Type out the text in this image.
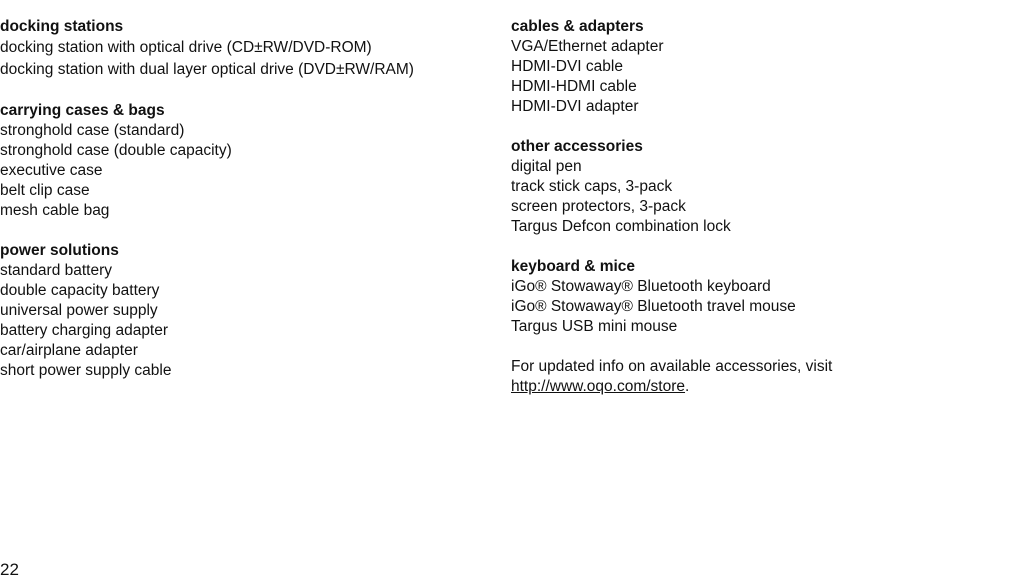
docking stations
docking station with optical drive (CD±RW/DVD-ROM)
docking station with dual layer optical drive (DVD±RW/RAM)
carrying cases & bags
stronghold case (standard)
stronghold case (double capacity)
executive case
belt clip case
mesh cable bag
power solutions
standard battery
double capacity battery
universal power supply
battery charging adapter
car/airplane adapter
short power supply cable
cables & adapters
VGA/Ethernet adapter
HDMI-DVI cable
HDMI-HDMI cable
HDMI-DVI adapter
other accessories
digital pen
track stick caps, 3-pack
screen protectors, 3-pack
Targus Defcon combination lock
keyboard & mice
iGo® Stowaway® Bluetooth keyboard
iGo® Stowaway® Bluetooth travel mouse
Targus USB mini mouse
For updated info on available accessories, visit
http://www.oqo.com/store.
22
